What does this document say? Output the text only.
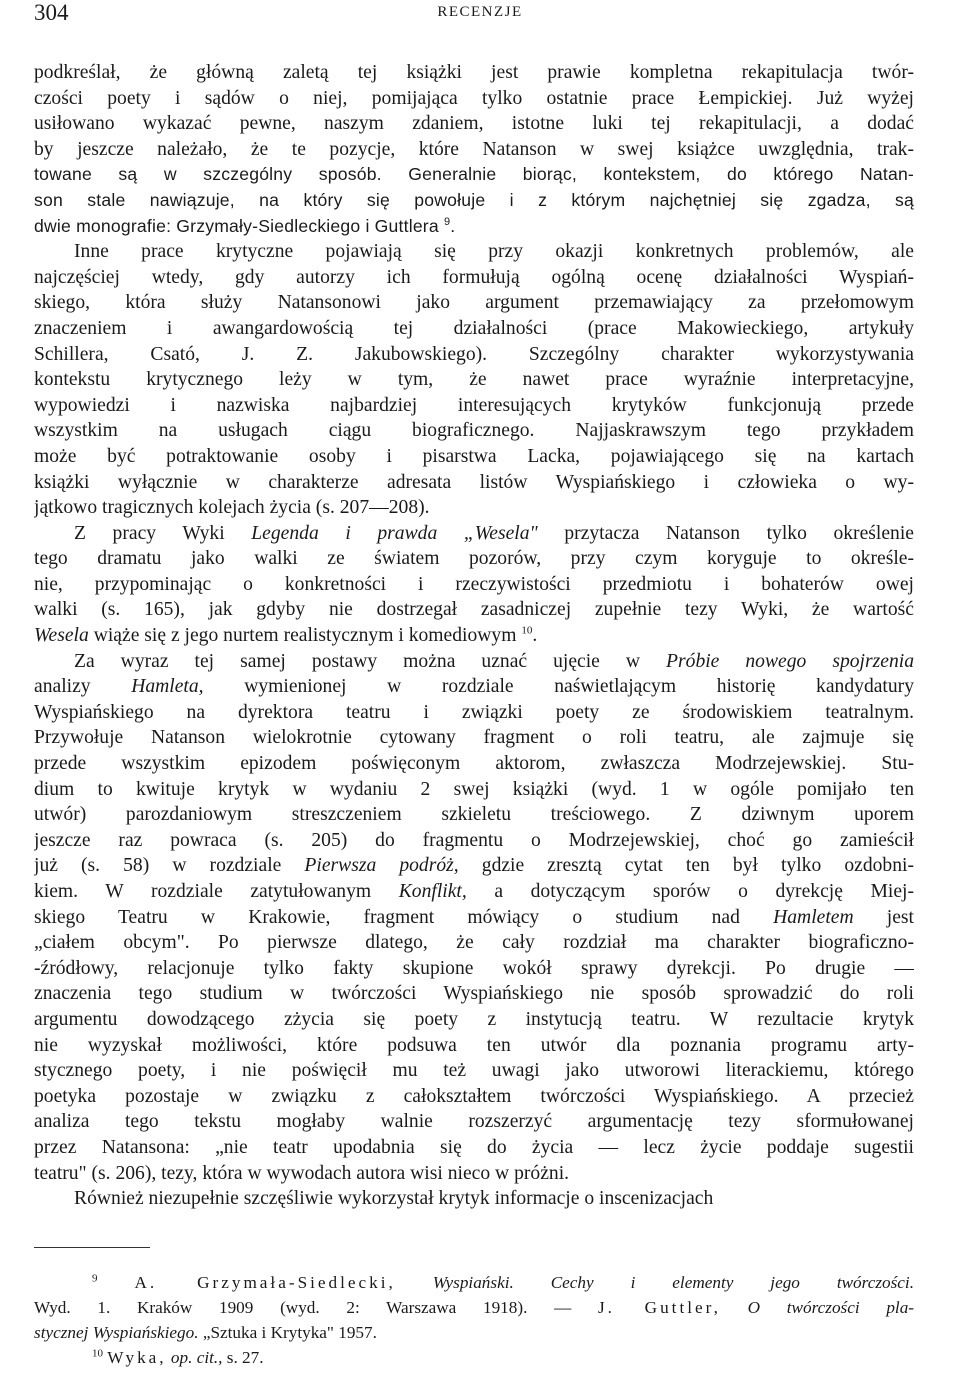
304	RECENZJE
podkreślał, że główną zaletą tej książki jest prawie kompletna rekapitulacja twór-
czości poety i sądów o niej, pomijająca tylko ostatnie prace Łempickiej. Już wyżej
usiłowano wykazać pewne, naszym zdaniem, istotne luki tej rekapitulacji, a dodać
by jeszcze należało, że te pozycje, które Natanson w swej książce uwzględnia, trak-
towane są w szczególny sposób. Generalnie biorąc, kontekstem, do którego Natan-
son stale nawiązuje, na który się powołuje i z którym najchętniej się zgadza, są
dwie monografie: Grzymały-Siedleckiego i Guttlera $^9$.
Inne prace krytyczne pojawiają się przy okazji konkretnych problemów, ale
najczęściej wtedy, gdy autorzy ich formułują ogólną ocenę działalności Wyspiań-
skiego, która służy Natansonowi jako argument przemawiający za przełomowym
znaczeniem i awangardowością tej działalności (prace Makowieckiego, artykuły
Schillera, Csató, J. Z. Jakubowskiego). Szczególny charakter wykorzystywania
kontekstu krytycznego leży w tym, że nawet prace wyraźnie interpretacyjne,
wypowiedzi i nazwiska najbardziej interesujących krytyków funkcjonują przede
wszystkim na usługach ciągu biograficznego. Najjaskrawszym tego przykładem
może być potraktowanie osoby i pisarstwa Lacka, pojawiającego się na kartach
książki wyłącznie w charakterze adresata listów Wyspiańskiego i człowieka o wy-
jątkowo tragicznych kolejach życia (s. 207—208).
Z pracy Wyki Legenda i prawda „Wesela" przytacza Natanson tylko określenie
tego dramatu jako walki ze światem pozorów, przy czym koryguje to określe-
nie, przypominając o konkretności i rzeczywistości przedmiotu i bohaterów owej
walki (s. 165), jak gdyby nie dostrzegał zasadniczej zupełnie tezy Wyki, że wartość
Wesela wiąże się z jego nurtem realistycznym i komediowym $^{10}$.
Za wyraz tej samej postawy można uznać ujęcie w Próbie nowego spojrzenia
analizy Hamleta, wymienionej w rozdziale naświetlającym historię kandydatury
Wyspiańskiego na dyrektora teatru i związki poety ze środowiskiem teatralnym.
Przywołuje Natanson wielokrotnie cytowany fragment o roli teatru, ale zajmuje się
przede wszystkim epizodem poświęconym aktorom, zwłaszcza Modrzejewskiej. Stu-
dium to kwituje krytyk w wydaniu 2 swej książki (wyd. 1 w ogóle pomijało ten
utwór) parozdaniowym streszczeniem szkieletu treściowego. Z dziwnym uporem
jeszcze raz powraca (s. 205) do fragmentu o Modrzejewskiej, choć go zamieścił
już (s. 58) w rozdziale Pierwsza podróż, gdzie zresztą cytat ten był tylko ozdobni-
kiem. W rozdziale zatytułowanym Konflikt, a dotyczącym sporów o dyrekcję Miej-
skiego Teatru w Krakowie, fragment mówiący o studium nad Hamletem jest
„ciałem obcym". Po pierwsze dlatego, że cały rozdział ma charakter biograficzno-
-źródłowy, relacjonuje tylko fakty skupione wokół sprawy dyrekcji. Po drugie —
znaczenia tego studium w twórczości Wyspiańskiego nie sposób sprowadzić do roli
argumentu dowodzącego zżycia się poety z instytucją teatru. W rezultacie krytyk
nie wyzyskał możliwości, które podsuwa ten utwór dla poznania programu arty-
stycznego poety, i nie poświęcił mu też uwagi jako utworowi literackiemu, którego
poetyka pozostaje w związku z całokształtem twórczości Wyspiańskiego. A przecież
analiza tego tekstu mogłaby walnie rozszerzyć argumentację tezy sformułowanej
przez Natansona: „nie teatr upodabnia się do życia — lecz życie poddaje sugestii
teatru" (s. 206), tezy, która w wywodach autora wisi nieco w próżni.
Również niezupełnie szczęśliwie wykorzystał krytyk informacje o inscenizacjach
$^9$ A. Grzymała-Siedlecki, Wyspiański. Cechy i elementy jego twórczości.
Wyd. 1. Kraków 1909 (wyd. 2: Warszawa 1918). — J. Guttler, O twórczości pla-
stycznej Wyspiańskiego. „Sztuka i Krytyka" 1957.
$^{10}$ Wyka, op. cit., s. 27.
